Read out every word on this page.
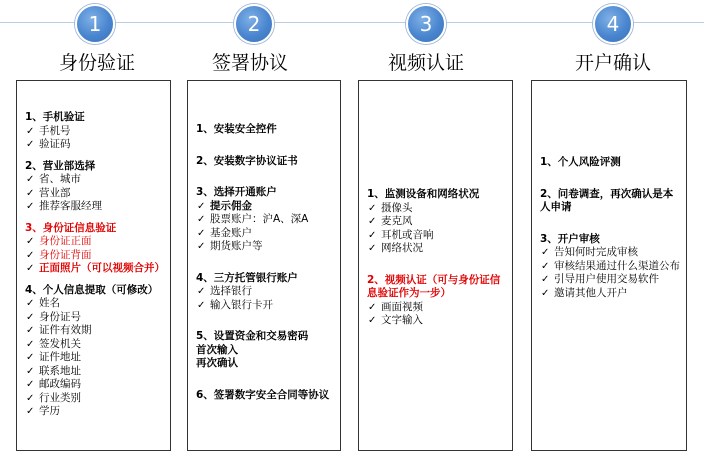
1
身份验证
1、手机验证
✓ 手机号
✓ 验证码
2、营业部选择
✓ 省、城市
✓ 营业部
✓ 推荐客服经理
3、身份证信息验证
✓ 身份证正面
✓ 身份证背面
✓ 正面照片（可以视频合并）
4、个人信息提取（可修改）
✓ 姓名
✓ 身份证号
✓ 证件有效期
✓ 签发机关
✓ 证件地址
✓ 联系地址
✓ 邮政编码
✓ 行业类别
✓ 学历
2
签署协议
1、安装安全控件
2、安装数字协议证书
3、选择开通账户
✓ 提示佣金
✓ 股票账户：沪A、深A
✓ 基金账户
✓ 期货账户等
4、三方托管银行账户
✓ 选择银行
✓ 输入银行卡开
5、设置资金和交易密码
首次输入
再次确认
6、签署数字安全合同等协议
3
视频认证
1、监测设备和网络状况
✓ 摄像头
✓ 麦克风
✓ 耳机或音响
✓ 网络状况
2、视频认证（可与身份证信息验证作为一步）
✓ 画面视频
✓ 文字输入
4
开户确认
1、个人风险评测
2、问卷调查，再次确认是本人申请
3、开户审核
✓ 告知何时完成审核
✓ 审核结果通过什么渠道公布
✓ 引导用户使用交易软件
✓ 邀请其他人开户
